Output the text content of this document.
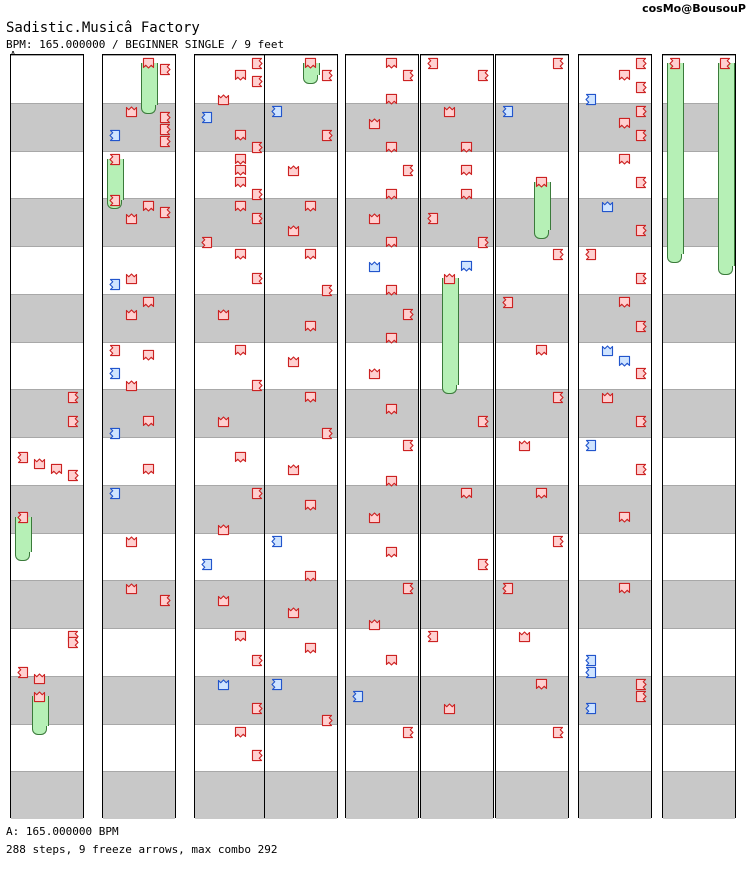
cosMo@BousouP
Sadistic.Musicâ Factory
BPM: 165.000000 / BEGINNER SINGLE / 9 feet
A: 165.000000 BPM
288 steps, 9 freeze arrows, max combo 292
